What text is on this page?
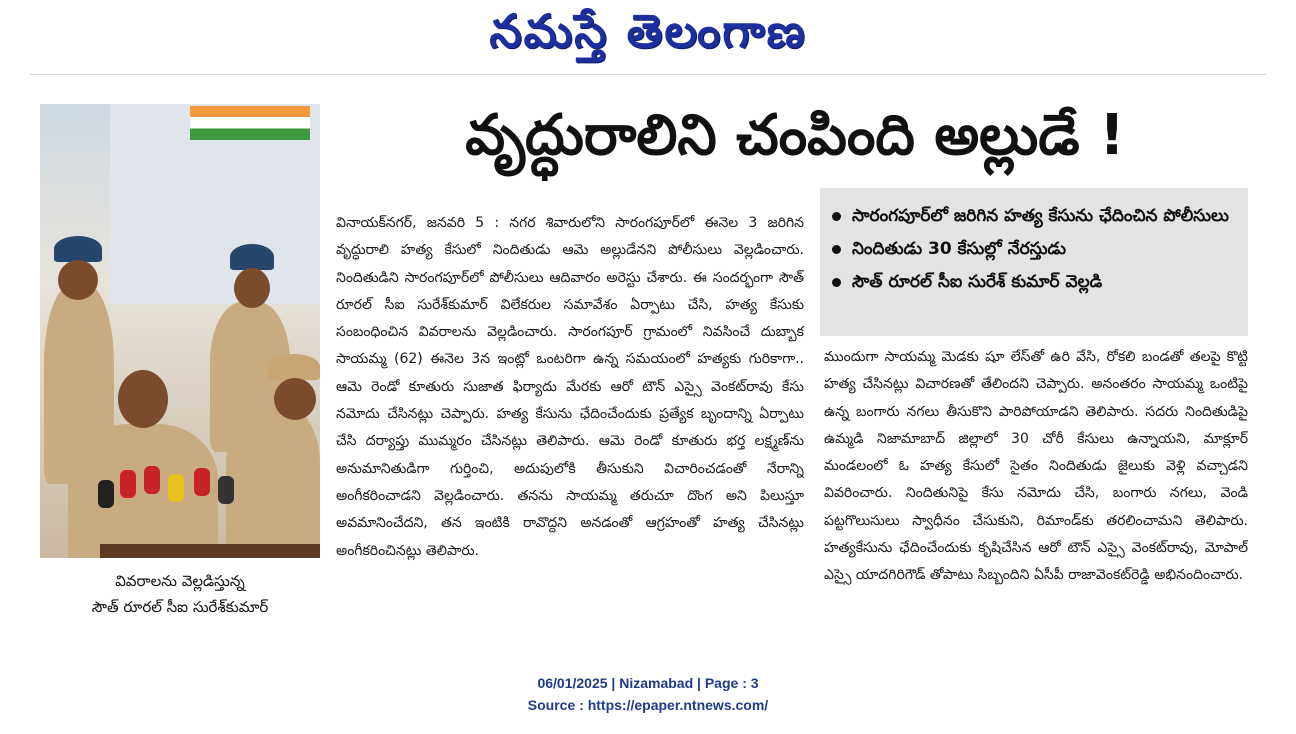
నమస్తే తెలంగాణ
వివరాలను వెల్లడిస్తున్న
సౌత్‌ రూరల్‌ సీఐ సురేశ్‌కుమార్‌
వృద్ధురాలిని చంపింది అల్లుడే !
వినాయక్‌నగర్‌, జనవరి 5 : నగర శివారులోని సారంగపూర్‌లో ఈనెల 3 జరిగిన వృద్ధురాలి హత్య కేసులో నిందితుడు ఆమె అల్లుడేనని పోలీసులు వెల్లడించారు. నిందితుడిని సారంగపూర్‌లో పోలీసులు ఆదివారం అరెస్టు చేశారు. ఈ సందర్భంగా సౌత్‌ రూరల్‌ సీఐ సురేశ్‌కుమార్‌ విలేకరుల సమావేశం ఏర్పాటు చేసి, హత్య కేసుకు సంబంధించిన వివరాలను వెల్లడించారు. సారంగపూర్‌ గ్రామంలో నివసించే దుబ్బాక సాయమ్మ (62) ఈనెల 3న ఇంట్లో ఒంటరిగా ఉన్న సమయంలో హత్యకు గురికాగా.. ఆమె రెండో కూతురు సుజాత ఫిర్యాదు మేరకు ఆరో టౌన్‌ ఎస్సై వెంకట్‌రావు కేసు నమోదు చేసినట్లు చెప్పారు. హత్య కేసును ఛేదించేందుకు ప్రత్యేక బృందాన్ని ఏర్పాటు చేసి దర్యాప్తు ముమ్మరం చేసినట్లు తెలిపారు. ఆమె రెండో కూతురు భర్త లక్ష్మణ్‌ను అనుమానితుడిగా గుర్తించి, అదుపులోకి తీసుకుని విచారించడంతో నేరాన్ని అంగీకరించాడని వెల్లడించారు. తనను సాయమ్మ తరుచూ దొంగ అని పిలుస్తూ అవమానించేదని, తన ఇంటికి రావొద్దని అనడంతో ఆగ్రహంతో హత్య చేసినట్లు అంగీకరించినట్లు తెలిపారు.
సారంగపూర్‌లో జరిగిన హత్య కేసును ఛేదించిన పోలీసులు
నిందితుడు 30 కేసుల్లో నేరస్తుడు
సౌత్‌ రూరల్‌ సీఐ సురేశ్‌ కుమార్‌ వెల్లడి
ముందుగా సాయమ్మ మెడకు షూ లేస్‌తో ఉరి వేసి, రోకలి బండతో తలపై కొట్టి హత్య చేసినట్లు విచారణతో తేలిందని చెప్పారు. అనంతరం సాయమ్మ ఒంటిపై ఉన్న బంగారు నగలు తీసుకొని పారిపోయాడని తెలిపారు. సదరు నిందితుడిపై ఉమ్మడి నిజామాబాద్‌ జిల్లాలో 30 చోరీ కేసులు ఉన్నాయని, మాక్లూర్‌ మండలంలో ఓ హత్య కేసులో సైతం నిందితుడు జైలుకు వెళ్లి వచ్చాడని వివరించారు. నిందితునిపై కేసు నమోదు చేసి, బంగారు నగలు, వెండి పట్టగొలుసులు స్వాధీనం చేసుకుని, రిమాండ్‌కు తరలించామని తెలిపారు. హత్యకేసును ఛేదించేందుకు కృషిచేసిన ఆరో టౌన్‌ ఎస్సై వెంకట్‌రావు, మోపాల్‌ ఎస్సై యాదగిరిగౌడ్‌ తోపాటు సిబ్బందిని ఏసీపీ రాజావెంకట్‌రెడ్డి అభినందించారు.
06/01/2025 | Nizamabad | Page : 3
Source : https://epaper.ntnews.com/
